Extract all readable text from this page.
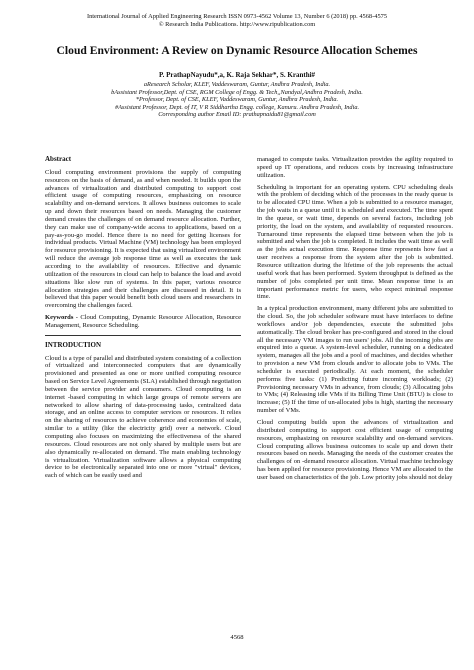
International Journal of Applied Engineering Research ISSN 0973-4562 Volume 13, Number 6 (2018) pp. 4568-4575
© Research India Publications. http://www.ripublication.com
Cloud Environment: A Review on Dynamic Resource Allocation Schemes
P. PrathapNayudu*,a, K. Raja Sekhar*, S. Kranthi#
aResearch Scholar, KLEF, Vaddeswaram, Guntur, Andhra Pradesh, India.
bAssistant Professor,Dept. of CSE, RGM College of Engg. & Tech,,Nandyal,Andhra Pradesh, India.
*Professor, Dept. of CSE, KLEF, Vaddeswaram, Guntur, Andhra Pradesh, India.
#Assistant Professor, Dept. of IT, V R Siddhartha Engg. college, Kanuru. Andhra Pradesh, India.
Corresponding author Email ID: prathapnaidu81@gmail.com
Abstract

Cloud computing environment provisions the supply of computing resources on the basis of demand, as and when needed. It builds upon the advances of virtualization and distributed computing to support cost efficient usage of computing resources, emphasizing on resource scalability and on-demand services. It allows business outcomes to scale up and down their resources based on needs. Managing the customer demand creates the challenges of on demand resource allocation. Further, they can make use of company-wide access to applications, based on a pay-as-you-go model. Hence there is no need for getting licenses for individual products. Virtual Machine (VM) technology has been employed for resource provisioning. It is expected that using virtualized environment will reduce the average job response time as well as executes the task according to the availability of resources. Effective and dynamic utilization of the resources in cloud can help to balance the load and avoid situations like slow run of systems. In this paper, various resource allocation strategies and their challenges are discussed in detail. It is believed that this paper would benefit both cloud users and researchers in overcoming the challenges faced.

Keywords - Cloud Computing, Dynamic Resource Allocation, Resource Management, Resource Scheduling.

INTRODUCTION

Cloud is a type of parallel and distributed system consisting of a collection of virtualized and interconnected computers that are dynamically provisioned and presented as one or more unified computing resource based on Service Level Agreements (SLA) established through negotiation between the service provider and consumers. Cloud computing is an internet -based computing in which large groups of remote servers are networked to allow sharing of data-processing tasks, centralized data storage, and an online access to computer services or resources. It relies on the sharing of resources to achieve coherence and economies of scale, similar to a utility (like the electricity grid) over a network. Cloud computing also focuses on maximizing the effectiveness of the shared resources. Cloud resources are not only shared by multiple users but are also dynamically re-allocated on demand. The main enabling technology is virtualization. Virtualization software allows a physical computing device to be electronically separated into one or more "virtual" devices, each of which can be easily used and

managed to compute tasks. Virtualization provides the agility required to speed up IT operations, and reduces costs by increasing infrastructure utilization.

Scheduling is important for an operating system. CPU scheduling deals with the problem of deciding which of the processes in the ready queue is to be allocated CPU time. When a job is submitted to a resource manager, the job waits in a queue until it is scheduled and executed. The time spent in the queue, or wait time, depends on several factors, including job priority, the load on the system, and availability of requested resources. Turnaround time represents the elapsed time between when the job is submitted and when the job is completed. It includes the wait time as well as the jobs actual execution time. Response time represents how fast a user receives a response from the system after the job is submitted. Resource utilization during the lifetime of the job represents the actual useful work that has been performed. System throughput is defined as the number of jobs completed per unit time. Mean response time is an important performance metric for users, who expect minimal response time.

In a typical production environment, many different jobs are submitted to the cloud. So, the job scheduler software must have interfaces to define workflows and/or job dependencies, execute the submitted jobs automatically. The cloud broker has pre-configured and stored in the cloud all the necessary VM images to run users' jobs. All the incoming jobs are enquired into a queue. A system-level scheduler, running on a dedicated system, manages all the jobs and a pool of machines, and decides whether to provision a new VM from clouds and/or to allocate jobs to VMs. The scheduler is executed periodically. At each moment, the scheduler performs five tasks: (1) Predicting future incoming workloads; (2) Provisioning necessary VMs in advance, from clouds; (3) Allocating jobs to VMs; (4) Releasing idle VMs if its Billing Time Unit (BTU) is close to increase; (5) If the time of un-allocated jobs is high, starting the necessary number of VMs.

Cloud computing builds upon the advances of virtualization and distributed computing to support cost efficient usage of computing resources, emphasizing on resource scalability and on-demand services. Cloud computing allows business outcomes to scale up and down their resources based on needs. Managing the needs of the customer creates the challenges of on -demand resource allocation. Virtual machine technology has been applied for resource provisioning. Hence VM are allocated to the user based on characteristics of the job. Low priority jobs should not delay

4568
